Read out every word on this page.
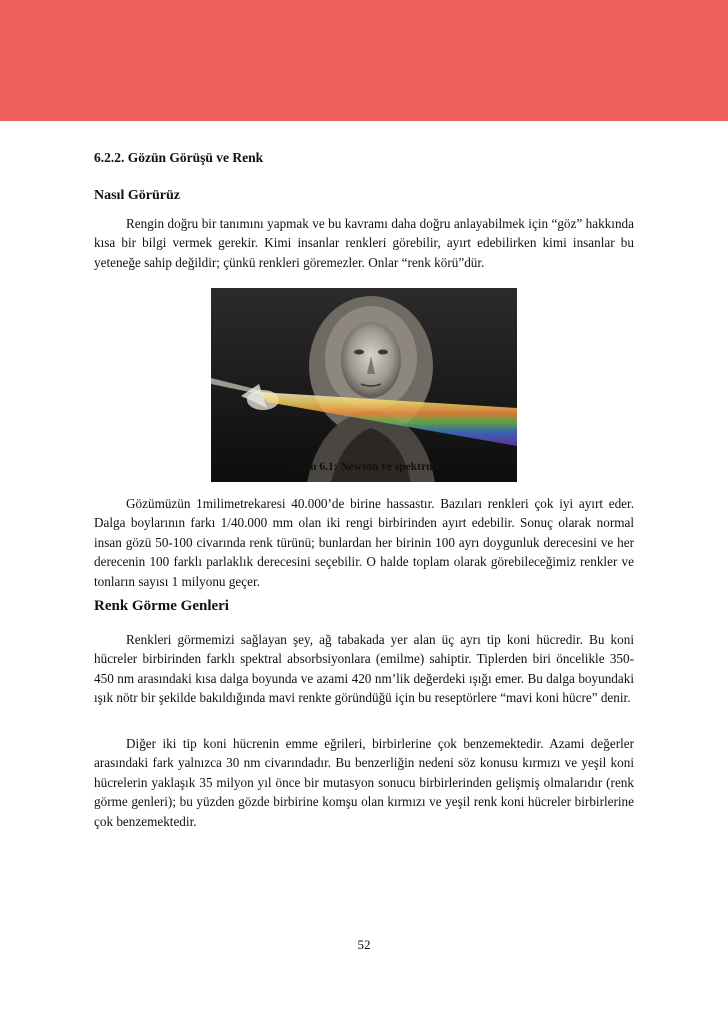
6.2.2. Gözün Görüşü ve Renk
Nasıl Görürüz

Rengin doğru bir tanımını yapmak ve bu kavramı daha doğru anlayabilmek için “göz” hakkında kısa bir bilgi vermek gerekir. Kimi insanlar renkleri görebilir, ayırt edebilirken kimi insanlar bu yeteneğe sahip değildir; çünkü renkleri göremezler. Onlar “renk körü”dür.

Resim 6.1: Newton ve spektrum

Gözümüzün 1milimetrekaresi 40.000’de birine hassastır. Bazıları renkleri çok iyi ayırt eder. Dalga boylarının farkı 1/40.000 mm olan iki rengi birbirinden ayırt edebilir. Sonuç olarak normal insan gözü 50-100 civarında renk türünü; bunlardan her birinin 100 ayrı doygunluk derecesini ve her derecenin 100 farklı parlaklık derecesini seçebilir. O halde toplam olarak görebileceğimiz renkler ve tonların sayısı 1 milyonu geçer.

Renk Görme Genleri

Renkleri görmemizi sağlayan şey, ağ tabakada yer alan üç ayrı tip koni hücredir. Bu koni hücreler birbirinden farklı spektral absorbsiyonlara (emilme) sahiptir. Tiplerden biri öncelikle 350-450 nm arasındaki kısa dalga boyunda ve azami 420 nm’lik değerdeki ışığı emer. Bu dalga boyundaki ışık nötr bir şekilde bakıldığında mavi renkte göründüğü için bu reseptörlere “mavi koni hücre” denir.

Diğer iki tip koni hücrenin emme eğrileri, birbirlerine çok benzemektedir. Azami değerler arasındaki fark yalnızca 30 nm civarındadır. Bu benzerliğin nedeni söz konusu kırmızı ve yeşil koni hücrelerin yaklaşık 35 milyon yıl önce bir mutasyon sonucu birbirlerinden gelişmiş olmalarıdır (renk görme genleri); bu yüzden gözde birbirine komşu olan kırmızı ve yeşil renk koni hücreler birbirlerine çok benzemektedir.

52
